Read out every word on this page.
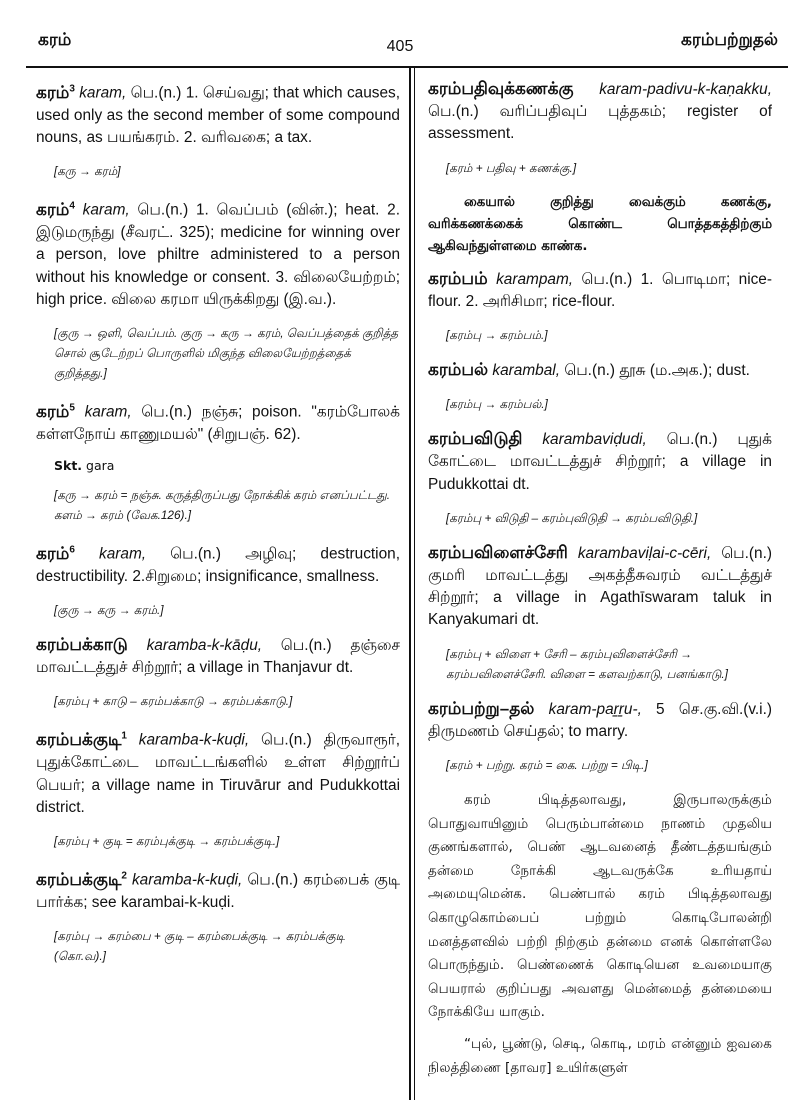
கரம்	405	கரம்பற்றுதல்

கரம்$^3$ karam, பெ.(n.) 1. செய்வது; that which causes, used only as the second member of some compound nouns, as பயங்கரம். 2. வரிவகை; a tax.

[கரு → கரம்]

கரம்$^4$ karam, பெ.(n.) 1. வெப்பம் (வின்.); heat. 2. இடுமருந்து (சீவரட். 325); medicine for winning over a person, love philtre administered to a person without his knowledge or consent. 3. விலையேற்றம்; high price. விலை கரமா யிருக்கிறது (இ.வ.).

[குரு → ஒளி, வெப்பம். குரு → கரு → கரம், வெப்பத்தைக் குறித்த சொல் சூடேற்றப் பொருளில் மிகுந்த விலையேற்றத்தைக் குறித்தது.]

கரம்$^5$ karam, பெ.(n.) நஞ்சு; poison. "கரம்போலக் கள்ளநோய் காணுமயல்" (சிறுபஞ். 62).

Skt. gara
[கரு → கரம் = நஞ்சு. கருத்திருப்பது நோக்கிக் கரம் எனப்பட்டது. களம் → கரம் (வேக.126).]

கரம்$^6$ karam, பெ.(n.) அழிவு; destruction, destructibility. 2.சிறுமை; insignificance, smallness.

[குரு → கரு → கரம்.]

கரம்பக்காடு karamba-k-kāḍu, பெ.(n.) தஞ்சை மாவட்டத்துச் சிற்றூர்; a village in Thanjavur dt.

[கரம்பு + காடு – கரம்பக்காடு → கரம்பக்காடு.]

கரம்பக்குடி$^1$ karamba-k-kuḍi, பெ.(n.) திருவாரூர், புதுக்கோட்டை மாவட்டங்களில் உள்ள சிற்றூர்ப் பெயர்; a village name in Tiruvārur and Pudukkottai district.

[கரம்பு + குடி = கரம்புக்குடி → கரம்பக்குடி.]

கரம்பக்குடி$^2$ karamba-k-kuḍi, பெ.(n.) கரம்பைக் குடி பார்க்க; see karambai-k-kuḍi.

[கரம்பு → கரம்பை + குடி – கரம்பைக்குடி → கரம்பக்குடி (கொ.வ).]

கரம்பதிவுக்கணக்கு karam-padivu-k-kaṇakku, பெ.(n.) வரிப்பதிவுப் புத்தகம்; register of assessment.

[கரம் + பதிவு + கணக்கு.]

கையால் குறித்து வைக்கும் கணக்கு, வரிக்கணக்கைக் கொண்ட பொத்தகத்திற்கும் ஆகிவந்துள்ளமை காண்க.

கரம்பம் karampam, பெ.(n.) 1. பொடிமா; nice-flour. 2. அரிசிமா; rice-flour.

[கரம்பு → கரம்பம்.]

கரம்பல் karambal, பெ.(n.) தூசு (ம.அக.); dust.

[கரம்பு → கரம்பல்.]

கரம்பவிடுதி karambaviḍudi, பெ.(n.) புதுக் கோட்டை மாவட்டத்துச் சிற்றூர்; a village in Pudukkottai dt.

[கரம்பு + விடுதி – கரம்புவிடுதி → கரம்பவிடுதி.]

கரம்பவிளைச்சேரி karambaviḷai-c-cēri, பெ.(n.) குமரி மாவட்டத்து அகத்தீசுவரம் வட்டத்துச் சிற்றூர்; a village in Agathīswaram taluk in Kanyakumari dt.

[கரம்பு + விளை + சேரி – கரம்புவிளைச்சேரி → கரம்பவிளைச்சேரி. விளை = களவற்காடு, பனங்காடு.]

கரம்பற்று–தல் karam-paṟṟu-, 5 செ.கு.வி.(v.i.) திருமணம் செய்தல்; to marry.

[கரம் + பற்று. கரம் = கை. பற்று = பிடி.]

கரம் பிடித்தலாவது, இருபாலருக்கும் பொதுவாயினும் பெரும்பான்மை நாணம் முதலிய குணங்களால், பெண் ஆடவனைத் தீண்டத்தயங்கும் தன்மை நோக்கி ஆடவருக்கே உரியதாய் அமையுமென்க. பெண்பால் கரம் பிடித்தலாவது கொழுகொம்பைப் பற்றும் கொடிபோலன்றி மனத்தளவில் பற்றி நிற்கும் தன்மை எனக் கொள்ளலே பொருந்தும். பெண்ணைக் கொடியென உவமையாகு பெயரால் குறிப்பது அவளது மென்மைத் தன்மையை நோக்கியே யாகும்.

“புல், பூண்டு, செடி, கொடி, மரம் என்னும் ஐவகை நிலத்திணை [தாவர] உயிர்களுள்
